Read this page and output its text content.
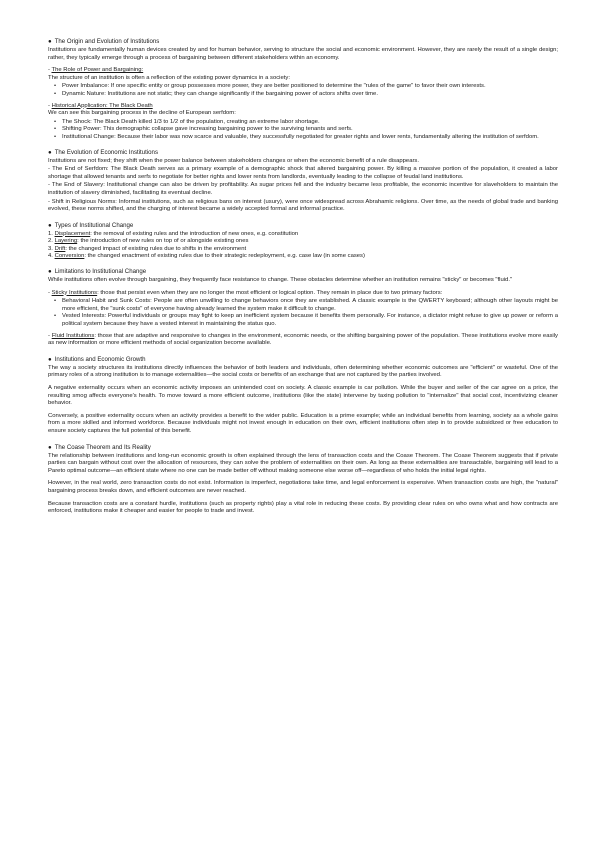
● The Origin and Evolution of Institutions

Institutions are fundamentally human devices created by and for human behavior, serving to structure the social and economic environment. However, they are rarely the result of a single design; rather, they typically emerge through a process of bargaining between different stakeholders within an economy.

- The Role of Power and Bargaining:

The structure of an institution is often a reflection of the existing power dynamics in a society:

• Power Imbalance: If one specific entity or group possesses more power, they are better positioned to determine the "rules of the game" to favor their own interests.
• Dynamic Nature: Institutions are not static; they can change significantly if the bargaining power of actors shifts over time.
- Historical Application: The Black Death

We can see this bargaining process in the decline of European serfdom:

• The Shock: The Black Death killed 1/3 to 1/2 of the population, creating an extreme labor shortage.
• Shifting Power: This demographic collapse gave increasing bargaining power to the surviving tenants and serfs.
• Institutional Change: Because their labor was now scarce and valuable, they successfully negotiated for greater rights and lower rents, fundamentally altering the institution of serfdom.
● The Evolution of Economic Institutions

Institutions are not fixed; they shift when the power balance between stakeholders changes or when the economic benefit of a rule disappears.

- The End of Serfdom: The Black Death serves as a primary example of a demographic shock that altered bargaining power. By killing a massive portion of the population, it created a labor shortage that allowed tenants and serfs to negotiate for better rights and lower rents from landlords, eventually leading to the collapse of feudal land institutions.

- The End of Slavery: Institutional change can also be driven by profitability. As sugar prices fell and the industry became less profitable, the economic incentive for slaveholders to maintain the institution of slavery diminished, facilitating its eventual decline.

- Shift in Religious Norms: Informal institutions, such as religious bans on interest (usury), were once widespread across Abrahamic religions. Over time, as the needs of global trade and banking evolved, these norms shifted, and the charging of interest became a widely accepted formal and informal practice.

● Types of Institutional Change
1. Displacement: the removal of existing rules and the introduction of new ones, e.g. constitution
2. Layering: the introduction of new rules on top of or alongside existing ones
3. Drift: the changed impact of existing rules due to shifts in the environment
4. Conversion: the changed enactment of existing rules due to their strategic redeployment, e.g. case law (in some cases)
● Limitations to Institutional Change

While institutions often evolve through bargaining, they frequently face resistance to change. These obstacles determine whether an institution remains "sticky" or becomes "fluid."

- Sticky Institutions: those that persist even when they are no longer the most efficient or logical option. They remain in place due to two primary factors:

• Behavioral Habit and Sunk Costs: People are often unwilling to change behaviors once they are established. A classic example is the QWERTY keyboard; although other layouts might be more efficient, the "sunk costs" of everyone having already learned the system make it difficult to change.
• Vested Interests: Powerful individuals or groups may fight to keep an inefficient system because it benefits them personally. For instance, a dictator might refuse to give up power or reform a political system because they have a vested interest in maintaining the status quo.

- Fluid Institutions: those that are adaptive and responsive to changes in the environment, economic needs, or the shifting bargaining power of the population. These institutions evolve more easily as new information or more efficient methods of social organization become available.

● Institutions and Economic Growth

The way a society structures its institutions directly influences the behavior of both leaders and individuals, often determining whether economic outcomes are "efficient" or wasteful. One of the primary roles of a strong institution is to manage externalities—the social costs or benefits of an exchange that are not captured by the parties involved.

A negative externality occurs when an economic activity imposes an unintended cost on society. A classic example is car pollution. While the buyer and seller of the car agree on a price, the resulting smog affects everyone's health. To move toward a more efficient outcome, institutions (like the state) intervene by taxing pollution to "internalize" that social cost, incentivizing cleaner behavior.

Conversely, a positive externality occurs when an activity provides a benefit to the wider public. Education is a prime example; while an individual benefits from learning, society as a whole gains from a more skilled and informed workforce. Because individuals might not invest enough in education on their own, efficient institutions often step in to provide subsidized or free education to ensure society captures the full potential of this benefit.

● The Coase Theorem and Its Reality

The relationship between institutions and long-run economic growth is often explained through the lens of transaction costs and the Coase Theorem. The Coase Theorem suggests that if private parties can bargain without cost over the allocation of resources, they can solve the problem of externalities on their own. As long as these externalities are transactable, bargaining will lead to a Pareto optimal outcome—an efficient state where no one can be made better off without making someone else worse off—regardless of who holds the initial legal rights.

However, in the real world, zero transaction costs do not exist. Information is imperfect, negotiations take time, and legal enforcement is expensive. When transaction costs are high, the "natural" bargaining process breaks down, and efficient outcomes are never reached.

Because transaction costs are a constant hurdle, institutions (such as property rights) play a vital role in reducing these costs. By providing clear rules on who owns what and how contracts are enforced, institutions make it cheaper and easier for people to trade and invest.
